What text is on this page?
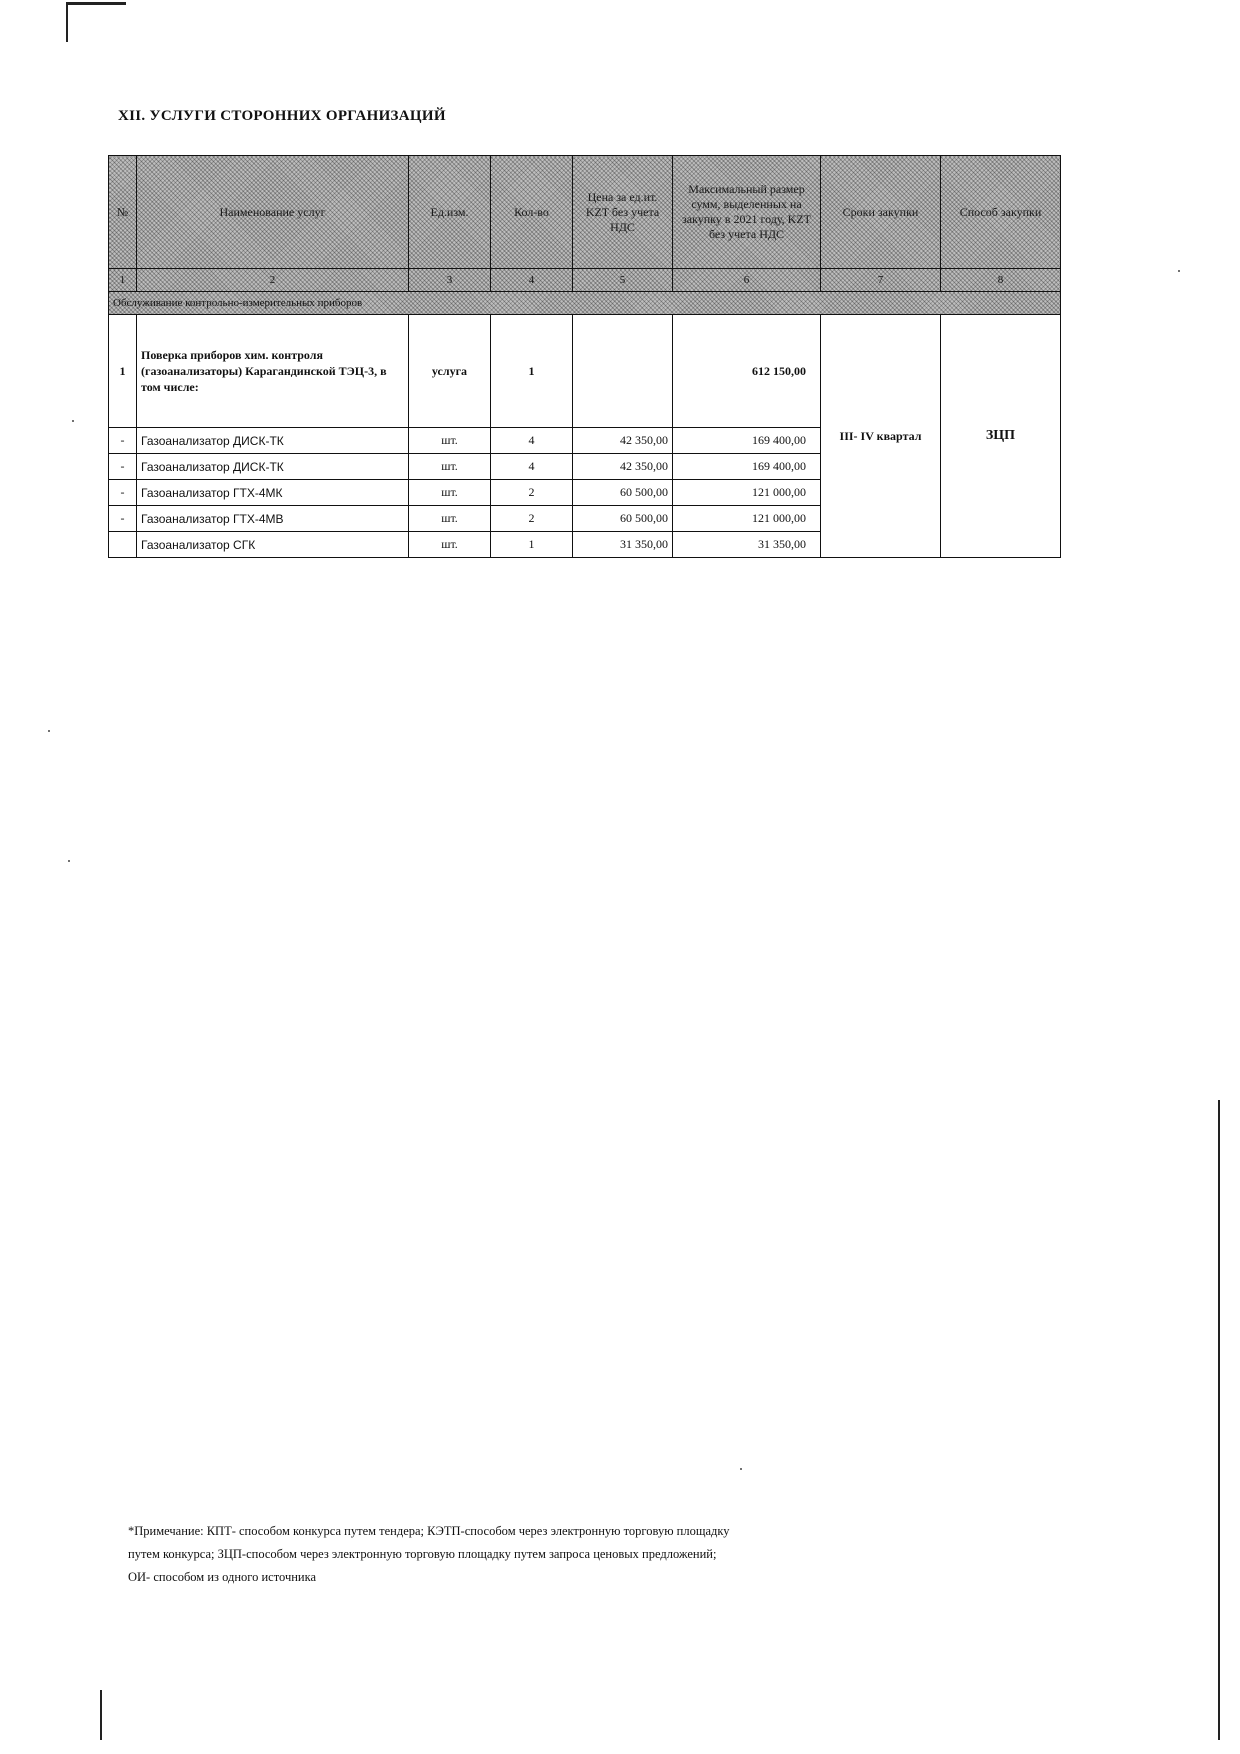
XII. УСЛУГИ СТОРОННИХ ОРГАНИЗАЦИЙ
№	Наименование услуг	Ед.изм.	Кол-во	Цена за ед.ит. KZT без учета НДС	Максимальный размер сумм, выделенных на закупку в 2021 году, KZT без учета НДС	Сроки закупки	Способ закупки
1	2	3	4	5	6	7	8
Обслуживание контрольно-измерительных приборов							
1	Поверка приборов хим. контроля (газоанализаторы) Карагандинской ТЭЦ-3, в том числе:	услуга	1		612 150,00	III- IV квартал	ЗЦП
-	Газоанализатор ДИСК-ТК	шт.	4	42 350,00	169 400,00		
-	Газоанализатор ДИСК-ТК	шт.	4	42 350,00	169 400,00		
-	Газоанализатор ГТХ-4МК	шт.	2	60 500,00	121 000,00		
-	Газоанализатор ГТХ-4МВ	шт.	2	60 500,00	121 000,00		
	Газоанализатор СГК	шт.	1	31 350,00	31 350,00		
*Примечание: КПТ- способом конкурса путем тендера; КЭТП-способом через электронную торговую площадку
путем конкурса; ЗЦП-способом через электронную торговую площадку путем запроса ценовых предложений;
ОИ- способом из одного источника
